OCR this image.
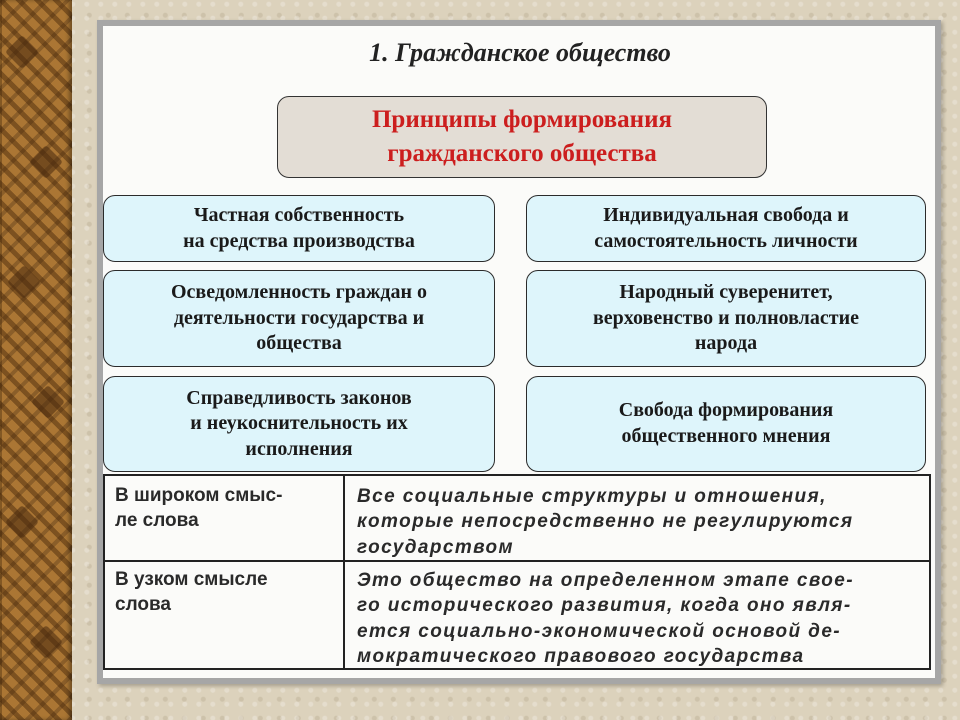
1. Гражданское общество
Принципы формирования
гражданского общества
Частная собственность
на средства производства
Осведомленность граждан о
деятельности государства и
общества
Справедливость законов
и неукоснительность их
исполнения
Индивидуальная свобода и
самостоятельность личности
Народный суверенитет,
верховенство и полновластие
народа
Свобода формирования
общественного мнения
В широком смыс-
ле слова
Все социальные структуры и отношения,
которые непосредственно не регулируются
государством
В узком смысле
слова
Это общество на определенном этапе свое-
го исторического развития, когда оно явля-
ется социально-экономической основой де-
мократического правового государства
